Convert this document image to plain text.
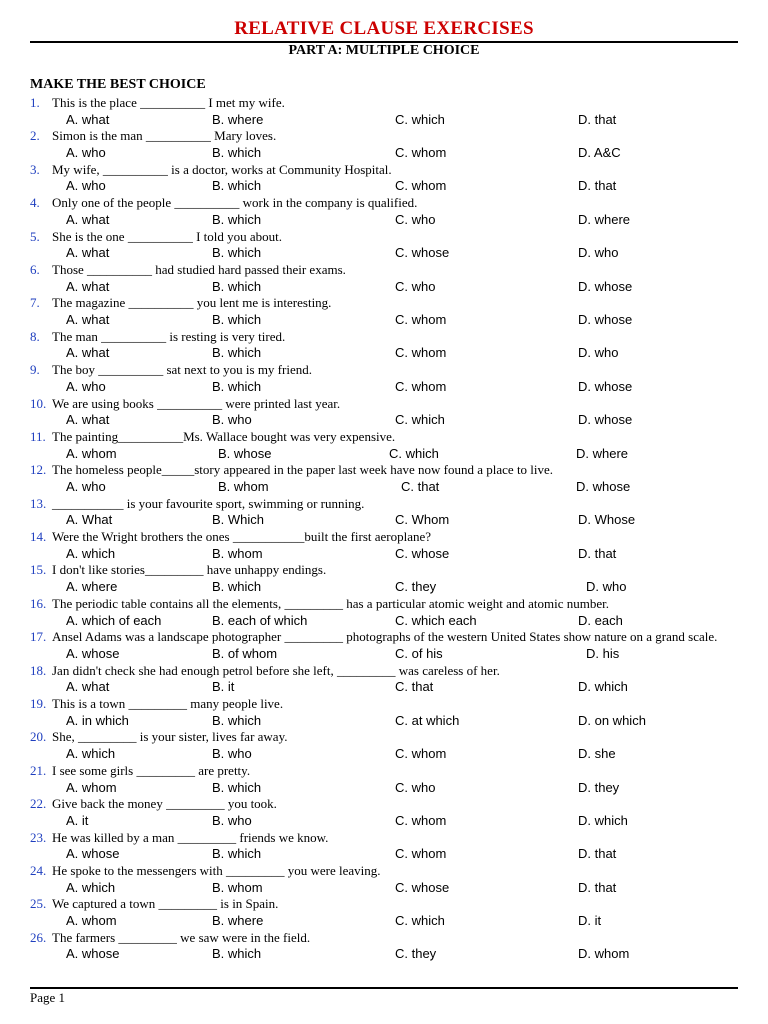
RELATIVE CLAUSE EXERCISES
PART A: MULTIPLE CHOICE
MAKE THE BEST CHOICE
1. This is the place __________ I met my wife.
A. what	B. where	C. which	D. that
2. Simon is the man __________ Mary loves.
A. who	B. which	C. whom	D. A&C
3. My wife, __________ is a doctor, works at Community Hospital.
A. who	B. which	C. whom	D. that
4. Only one of the people __________ work in the company is qualified.
A. what	B. which	C. who	D. where
5. She is the one __________ I told you about.
A. what	B. which	C. whose	D. who
6. Those __________ had studied hard passed their exams.
A. what	B. which	C. who	D. whose
7. The magazine __________ you lent me is interesting.
A. what	B. which	C. whom	D. whose
8. The man __________ is resting is very tired.
A. what	B. which	C. whom	D. who
9. The boy __________ sat next to you is my friend.
A. who	B. which	C. whom	D. whose
10. We are using books __________ were printed last year.
A. what	B. who	C. which	D. whose
11. The painting__________Ms. Wallace bought was very expensive.
A. whom	B. whose	C. which	D. where
12. The homeless people_____story appeared in the paper last week have now found a place to live.
A. who	B. whom	C. that	D. whose
13. ___________ is your favourite sport, swimming or running.
A. What	B. Which	C. Whom	D. Whose
14. Were the Wright brothers the ones ___________built the first aeroplane?
A. which	B. whom	C. whose	D. that
15. I don't like stories_________ have unhappy endings.
A. where	B. which	C. they	D. who
16. The periodic table contains all the elements, _________ has a particular atomic weight and atomic number.
A. which of each	B. each of which	C. which each	D. each
17. Ansel Adams was a landscape photographer _________ photographs of the western United States show nature on a grand scale.
A. whose	B. of whom	C. of his	D. his
18. Jan didn't check she had enough petrol before she left, _________ was careless of her.
A. what	B. it	C. that	D. which
19. This is a town _________ many people live.
A. in which	B. which	C. at which	D. on which
20. She, _________ is your sister, lives far away.
A. which	B. who	C. whom	D. she
21. I see some girls _________ are pretty.
A. whom	B. which	C. who	D. they
22. Give back the money _________ you took.
A. it	B. who	C. whom	D. which
23. He was killed by a man _________ friends we know.
A. whose	B. which	C. whom	D. that
24. He spoke to the messengers with _________ you were leaving.
A. which	B. whom	C. whose	D. that
25. We captured a town _________ is in Spain.
A. whom	B. where	C. which	D. it
26. The farmers _________ we saw were in the field.
A. whose	B. which	C. they	D. whom
Page 1
